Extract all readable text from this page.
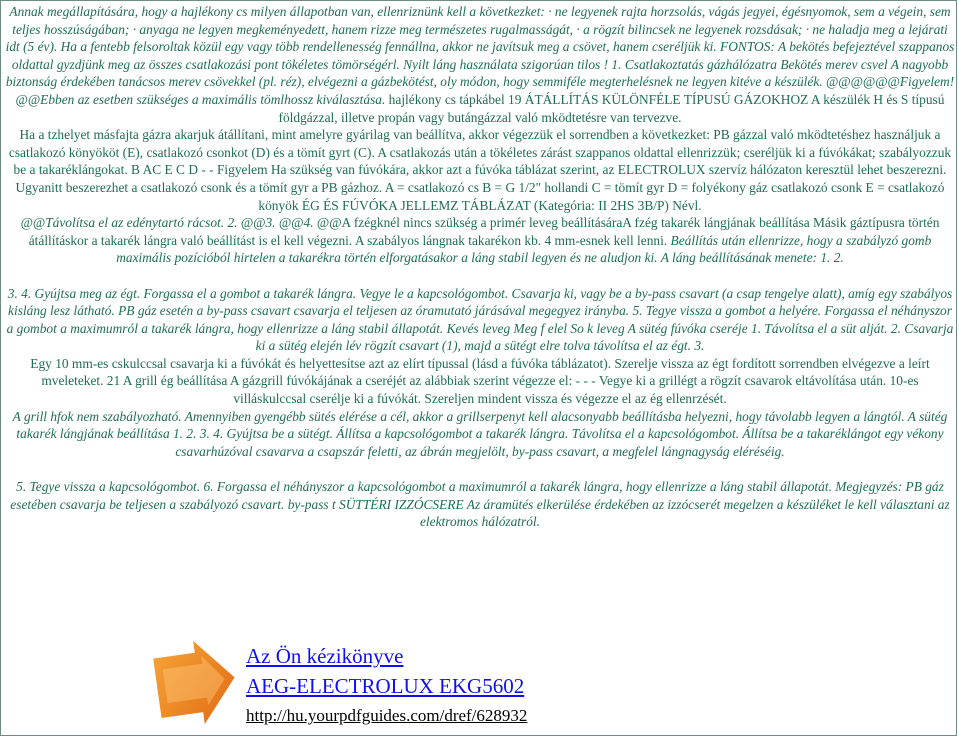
Annak megállapítására, hogy a hajlékony cs milyen állapotban van, ellenriznünk kell a következket: · ne legyenek rajta horzsolás, vágás jegyei, égésnyomok, sem a végein, sem teljes hosszúságában; · anyaga ne legyen megkeményedett, hanem rizze meg természetes rugalmasságát, · a rögzít bilincsek ne legyenek rozsdásak; · ne haladja meg a lejárati idt (5 év). Ha a fentebb felsoroltak közül egy vagy több rendellenesség fennállna, akkor ne javítsuk meg a csövet, hanem cseréljük ki. FONTOS: A bekötés befejeztével szappanos oldattal gyzdjünk meg az összes csatlakozási pont tökéletes tömörségérl. Nyilt láng használata szigorúan tilos ! 1. Csatlakoztatás gázhálózatra Bekötés merev csvel A nagyobb biztonság érdekében tanácsos merev csövekkel (pl. réz), elvégezni a gázbekötést, oly módon, hogy semmiféle megterhelésnek ne legyen kitéve a készülék. @@@@@@Figyelem! @@Ebben az esetben szükséges a maximális tömlhossz kiválasztása. hajlékony cs tápkábel 19 ÁTÁLLÍTÁS KÜLÖNFÉLE TÍPUSÚ GÁZOKHOZ A készülék H és S típusú földgázzal, illetve propán vagy butángázzal való mködtetésre van tervezve.

Ha a tzhelyet másfajta gázra akarjuk átállítani, mint amelyre gyárilag van beállítva, akkor végezzük el sorrendben a következket: PB gázzal való mködtetéshez használjuk a csatlakozó könyököt (E), csatlakozó csonkot (D) és a tömít gyrt (C). A csatlakozás után a tökéletes zárást szappanos oldattal ellenrizzük; cseréljük ki a fúvókákat; szabályozzuk be a takaréklángokat. B AC E C D - - Figyelem Ha szükség van fúvókára, akkor azt a fúvóka táblázat szerint, az ELECTROLUX szervíz hálózaton keresztül lehet beszerezni. Ugyanitt beszerezhet a csatlakozó csonk és a tömít gyr a PB gázhoz. A = csatlakozó cs B = G 1/2" hollandi C = tömít gyr D = folyékony gáz csatlakozó csonk E = csatlakozó könyök ÉG ÉS FÚVÓKA JELLEMZ TÁBLÁZAT (Kategória: II 2HS 3B/P) Névl.

@@Távolítsa el az edénytartó rácsot. 2. @@3. @@4. @@A fzégknél nincs szükség a primér leveg beállításáraA fzég takarék lángjának beállítása Másik gáztípusra történ átállításkor a takarék lángra való beállítást is el kell végezni. A szabályos lángnak takarékon kb. 4 mm-esnek kell lenni. Beállítás után ellenrizze, hogy a szabályzó gomb maximális pozícióból hirtelen a takarékra történ elforgatásakor a láng stabil legyen és ne aludjon ki. A láng beállításának menete: 1. 2.

3. 4. Gyújtsa meg az égt. Forgassa el a gombot a takarék lángra. Vegye le a kapcsológombot. Csavarja ki, vagy be a by-pass csavart (a csap tengelye alatt), amíg egy szabályos kisláng lesz látható. PB gáz esetén a by-pass csavart csavarja el teljesen az óramutató járásával megegyez irányba. 5. Tegye vissza a gombot a helyére. Forgassa el néhányszor a gombot a maximumról a takarék lángra, hogy ellenrizze a láng stabil állapotát. Kevés leveg Meg f elel So k leveg A sütég fúvóka cseréje 1. Távolítsa el a süt alját. 2. Csavarja ki a sütég elején lév rögzít csavart (1), majd a sütégt elre tolva távolítsa el az égt. 3.

Egy 10 mm-es cskulccsal csavarja ki a fúvókát és helyettesítse azt az elírt típussal (lásd a fúvóka táblázatot). Szerelje vissza az égt fordított sorrendben elvégezve a leírt mveleteket. 21 A grill ég beállítása A gázgrill fúvókájának a cseréjét az alábbiak szerint végezze el: - - - Vegye ki a grillégt a rögzít csavarok eltávolítása után. 10-es villáskulccsal cserélje ki a fúvókát. Szereljen mindent vissza és végezze el az ég ellenrzését.

A grill hfok nem szabályozható. Amennyiben gyengébb sütés elérése a cél, akkor a grillserpenyt kell alacsonyabb beállításba helyezni, hogy távolabb legyen a lángtól. A sütég takarék lángjának beállítása 1. 2. 3. 4. Gyújtsa be a sütégt. Állítsa a kapcsológombot a takarék lángra. Távolítsa el a kapcsológombot. Állítsa be a takaréklángot egy vékony csavarhúzóval csavarva a csapszár feletti, az ábrán megjelölt, by-pass csavart, a megfelel lángnagyság eléréséig.

5. Tegye vissza a kapcsológombot. 6. Forgassa el néhányszor a kapcsológombot a maximumról a takarék lángra, hogy ellenrizze a láng stabil állapotát. Megjegyzés: PB gáz esetében csavarja be teljesen a szabályozó csavart. by-pass t SÜTTÉRI IZZÓCSERE Az áramütés elkerülése érdekében az izzócserét megelzen a készüléket le kell választani az elektromos hálózatról.

Az Ön kézikönyve
AEG-ELECTROLUX EKG5602
http://hu.yourpdfguides.com/dref/628932
